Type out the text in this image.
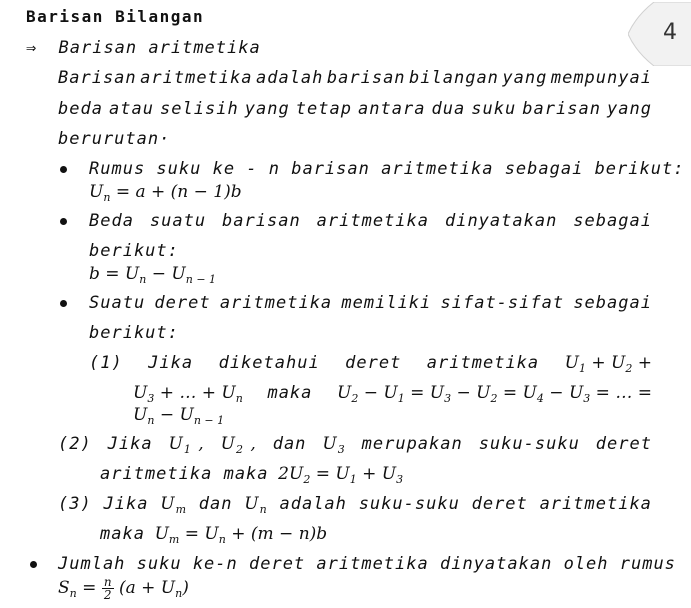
4
Barisan Bilangan
⇒ Barisan aritmetika
Barisan aritmetika adalah barisan bilangan yang mempunyai
beda atau selisih yang tetap antara dua suku barisan yang
berurutan·
Rumus suku ke - n barisan aritmetika sebagai berikut:
$U_n = a + (n - 1)b$
Beda suatu barisan aritmetika dinyatakan sebagai
berikut:
$b = U_n - U_{n - 1}$
Suatu deret aritmetika memiliki sifat-sifat sebagai
berikut:
(1) Jika diketahui deret aritmetika $U_1 + U_2$ +
$U_3$ + … + $U_n$ maka $U_2 - U_1 = U_3 - U_2 = U_4 - U_3$ = … =
$U_n - U_{n - 1}$
(2) Jika $U_1$ , $U_2$ , dan $U_3$ merupakan suku-suku deret
aritmetika maka $2U_2 = U_1 + U_3$
(3) Jika $U_m$ dan $U_n$ adalah suku-suku deret aritmetika
maka $U_m = U_n + (m - n)b$
Jumlah suku ke-n deret aritmetika dinyatakan oleh rumus
$S_n = \frac{n}{2} (a + U_n)$
